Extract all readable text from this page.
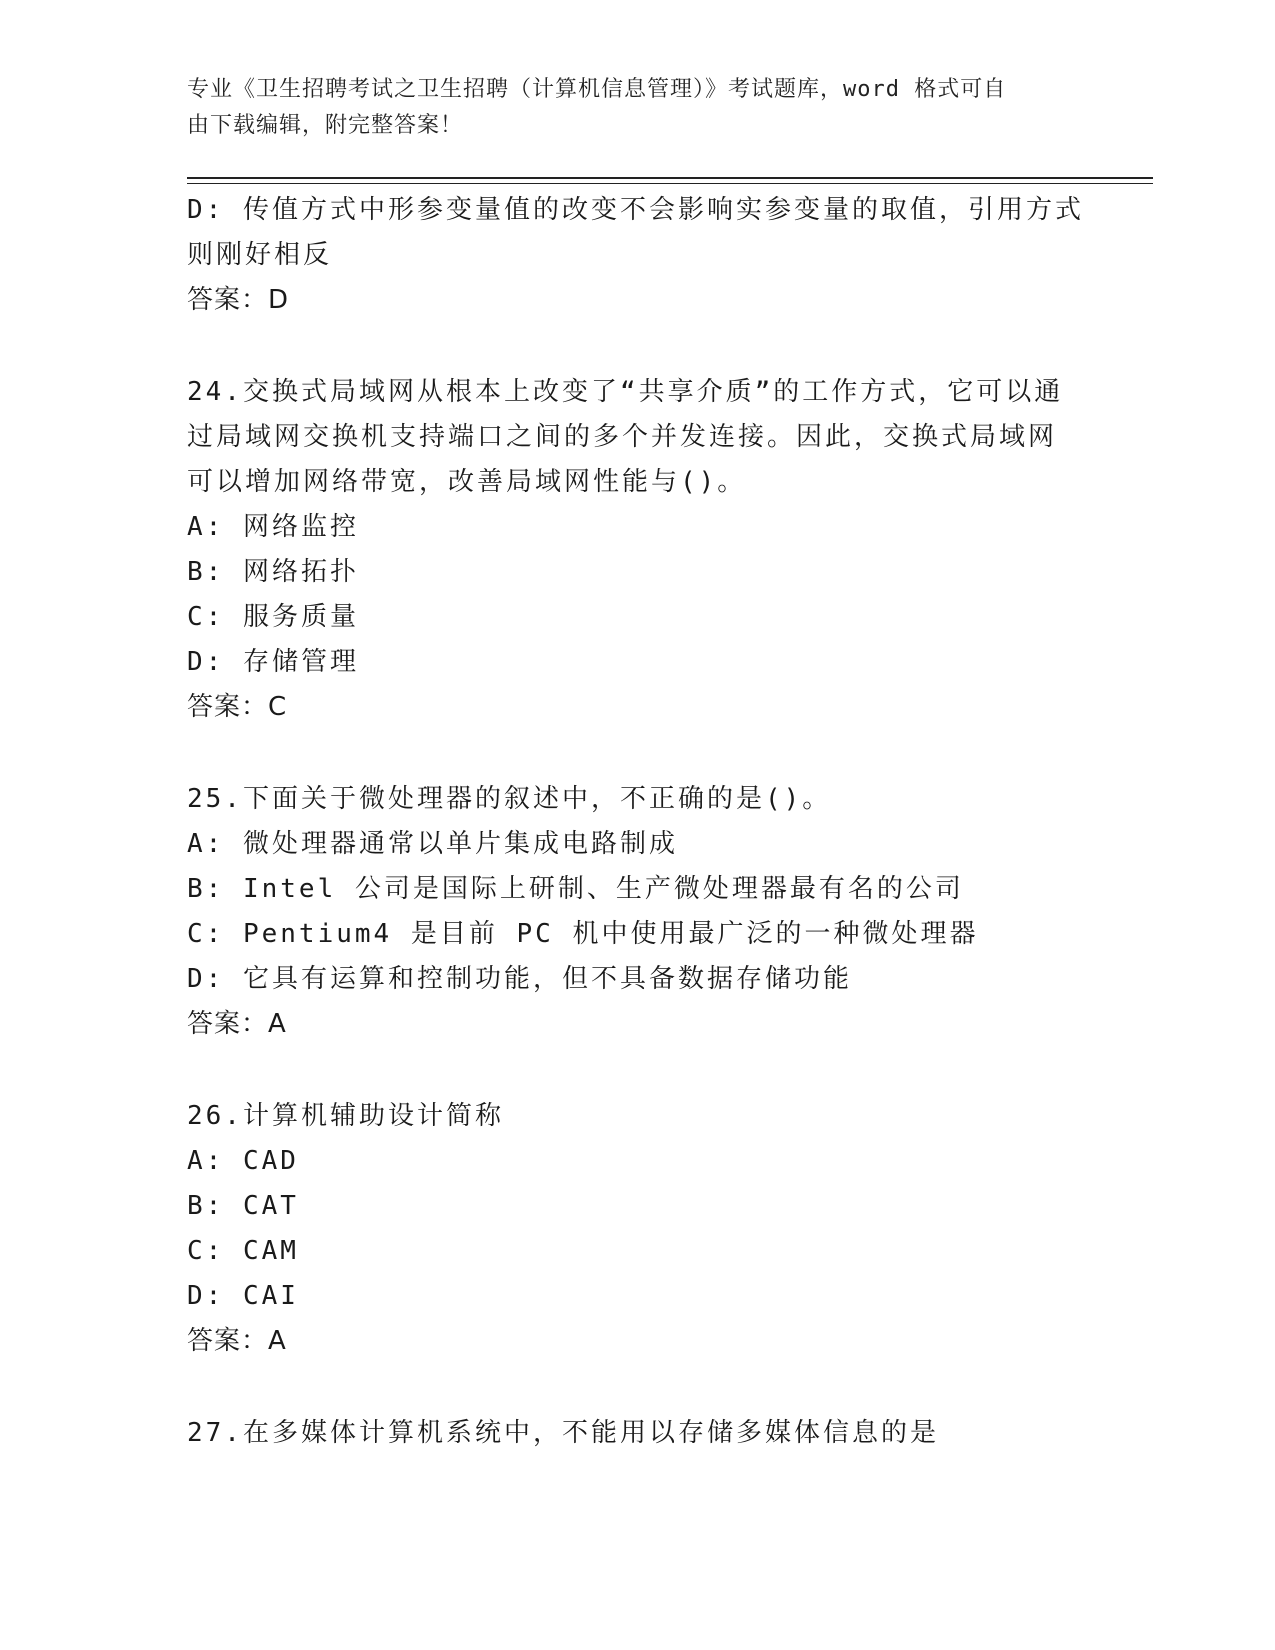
专业《卫生招聘考试之卫生招聘（计算机信息管理）》考试题库，word 格式可自
由下载编辑，附完整答案！
D: 传值方式中形参变量值的改变不会影响实参变量的取值，引用方式
则刚好相反
答案：D
24.交换式局域网从根本上改变了“共享介质”的工作方式，它可以通
过局域网交换机支持端口之间的多个并发连接。因此，交换式局域网
可以增加网络带宽，改善局域网性能与()。
A: 网络监控
B: 网络拓扑
C: 服务质量
D: 存储管理
答案：C
25.下面关于微处理器的叙述中，不正确的是()。
A: 微处理器通常以单片集成电路制成
B: Intel 公司是国际上研制、生产微处理器最有名的公司
C: Pentium4 是目前 PC 机中使用最广泛的一种微处理器
D: 它具有运算和控制功能，但不具备数据存储功能
答案：A
26.计算机辅助设计简称
A: CAD
B: CAT
C: CAM
D: CAI
答案：A
27.在多媒体计算机系统中，不能用以存储多媒体信息的是
